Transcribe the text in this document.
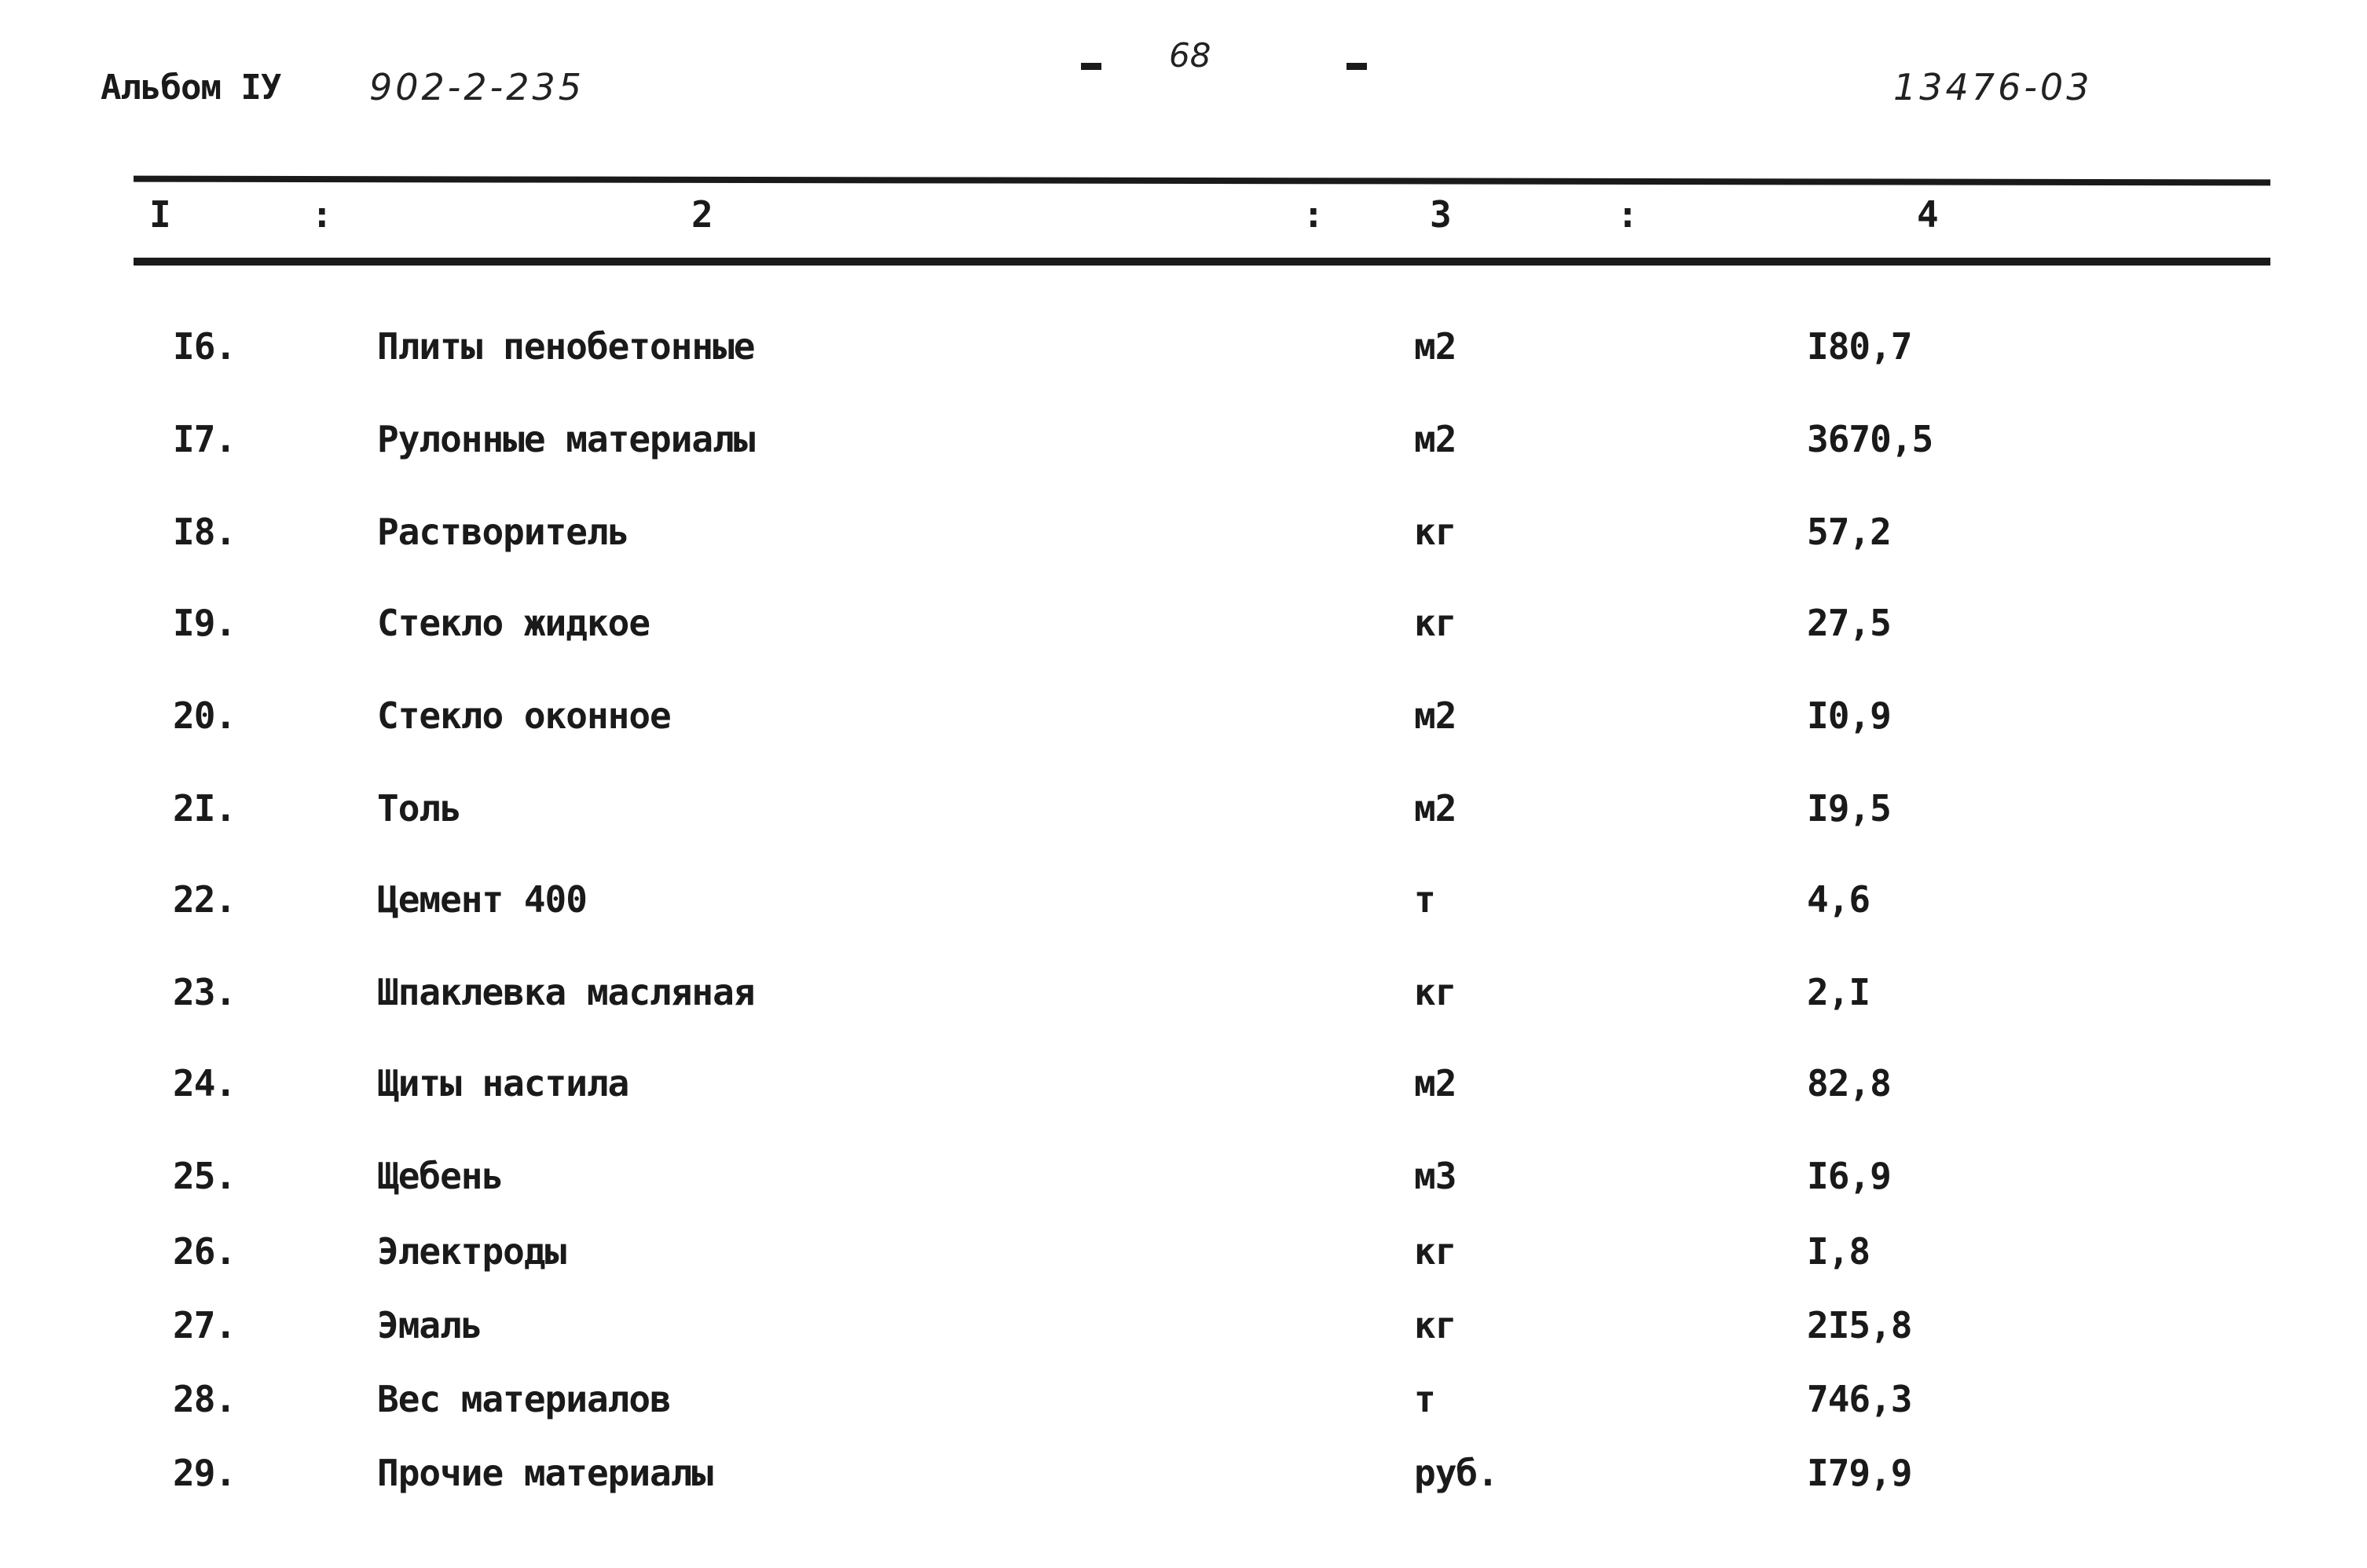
Альбом IУ 902-2-235
68
13476-03
I	:	2	:	3	:	4
I6.	Плиты пенобетонные	м2	I80,7
I7.	Рулонные материалы	м2	3670,5
I8.	Растворитель	кг	57,2
I9.	Стекло жидкое	кг	27,5
20.	Стекло оконное	м2	I0,9
2I.	Толь	м2	I9,5
22.	Цемент 400	т	4,6
23.	Шпаклевка масляная	кг	2,I
24.	Щиты настила	м2	82,8
25.	Щебень	м3	I6,9
26.	Электроды	кг	I,8
27.	Эмаль	кг	2I5,8
28.	Вес материалов	т	746,3
29.	Прочие материалы	руб.	I79,9
